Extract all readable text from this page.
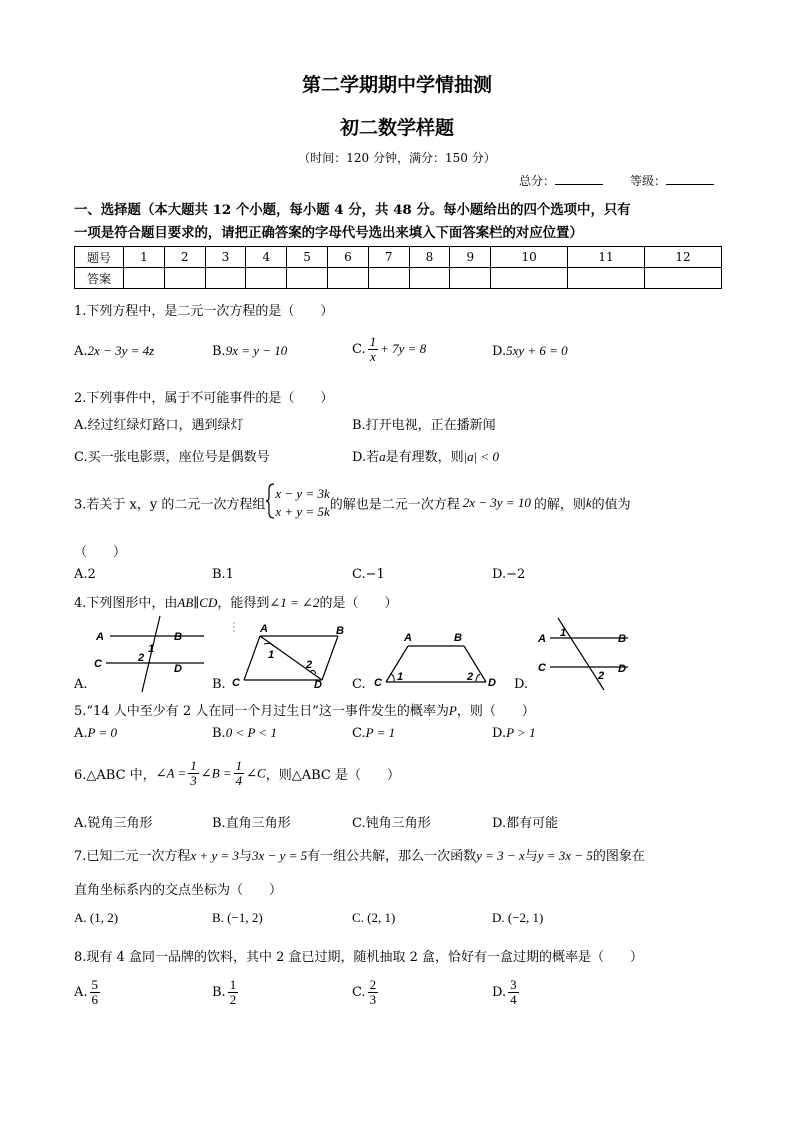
第二学期期中学情抽测
初二数学样题
（时间：120 分钟，满分：150 分）
总分：	等级：
一、选择题（本大题共 12 个小题，每小题 4 分，共 48 分。每小题给出的四个选项中，只有
一项是符合题目要求的，请把正确答案的字母代号选出来填入下面答案栏的对应位置）
题号	1	2	3	4	5	6	7	8	9	10	11	12
答案												
1.下列方程中，是二元一次方程的是（　　）
A.2x − 3y = 4z	B.9x = y − 10	C. $\frac{1}{x} + 7y = 8$	D.5xy + 6 = 0
2.下列事件中，属于不可能事件的是（　　）
A.经过红绿灯路口，遇到绿灯	B.打开电视，正在播新闻
C.买一张电影票，座位号是偶数号	D.若a是有理数，则|a| < 0
3.若关于 x，y 的二元一次方程组
x − y = 3k
x + y = 5k 的解也是二元一次方程 2x − 3y = 10 的解，则k的值为
（　　）
A.2	B.1	C.−1	D.−2
4.下列图形中，由AB∥CD，能得到∠1 = ∠2的是（　　）
A	B
C	D
1
2
A.
A	B
C	D
1
2
B.
A	B
C	D
1	2
C.
A	B
C	D
1
2
D.
5.“14 人中至少有 2 人在同一个月过生日”这一事件发生的概率为P，则（　　）
A.P = 0	B.0 < P < 1	C.P = 1	D.P > 1
6.△ABC 中，∠A = $\frac{1}{3}$ ∠B = $\frac{1}{4}$ ∠C，则△ABC 是（　　）
A.锐角三角形	B.直角三角形	C.钝角三角形	D.都有可能
7.已知二元一次方程x + y = 3与3x − y = 5有一组公共解，那么一次函数y = 3 − x与y = 3x − 5的图象在
直角坐标系内的交点坐标为（　　）
A. (1, 2)	B. (−1, 2)	C. (2, 1)	D. (−2, 1)
8.现有 4 盒同一品牌的饮料，其中 2 盒已过期，随机抽取 2 盒，恰好有一盒过期的概率是（　　）
A. $\frac{5}{6}$	B. $\frac{1}{2}$	C. $\frac{2}{3}$	D. $\frac{3}{4}$
